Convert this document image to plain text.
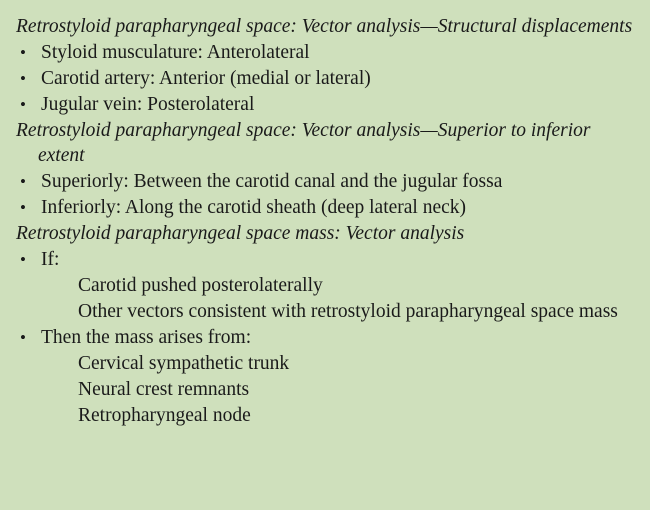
Retrostyloid parapharyngeal space: Vector analysis—Structural displacements
• Styloid musculature: Anterolateral
• Carotid artery: Anterior (medial or lateral)
• Jugular vein: Posterolateral
Retrostyloid parapharyngeal space: Vector analysis—Superior to inferior extent
• Superiorly: Between the carotid canal and the jugular fossa
• Inferiorly: Along the carotid sheath (deep lateral neck)
Retrostyloid parapharyngeal space mass: Vector analysis
• If:
Carotid pushed posterolaterally
Other vectors consistent with retrostyloid parapharyngeal space mass
• Then the mass arises from:
Cervical sympathetic trunk
Neural crest remnants
Retropharyngeal node
